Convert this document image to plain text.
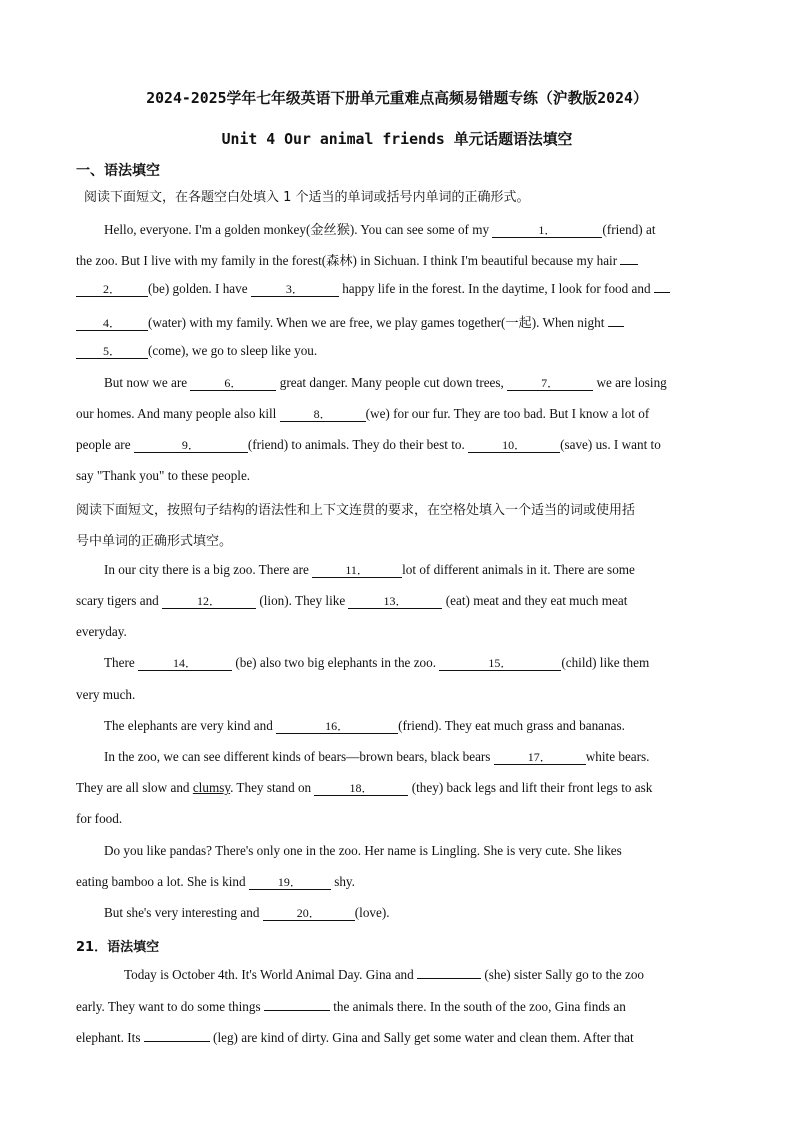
2024-2025学年七年级英语下册单元重难点高频易错题专练（沪教版2024）
Unit 4 Our animal friends 单元话题语法填空
一、语法填空
阅读下面短文，在各题空白处填入 1 个适当的单词或括号内单词的正确形式。
Hello, everyone. I'm a golden monkey(金丝猴). You can see some of my	1．	(friend) at
the zoo. But I live with my family in the forest(森林) in Sichuan. I think I'm beautiful because my hair
2． (be) golden. I have	3．	happy life in the forest. In the daytime, I look for food and
4． (water) with my family. When we are free, we play games together(一起). When night
5． (come), we go to sleep like you.
But now we are	6．	great danger. Many people cut down trees,	7．	we are losing
our homes. And many people also kill	8．	(we) for our fur. They are too bad. But I know a lot of
people are	9．	(friend) to animals. They do their best to.	10．	(save) us. I want to
say "Thank you" to these people.
阅读下面短文，按照句子结构的语法性和上下文连贯的要求，在空格处填入一个适当的词或使用括
号中单词的正确形式填空。
In our city there is a big zoo. There are	11．	lot of different animals in it. There are some
scary tigers and	12．	(lion). They like	13．	(eat) meat and they eat much meat
everyday.
There	14．	(be) also two big elephants in the zoo.	15．	(child) like them
very much.
The elephants are very kind and	16．	(friend). They eat much grass and bananas.
In the zoo, we can see different kinds of bears—brown bears, black bears	17．	white bears.
They are all slow and clumsy. They stand on	18．	(they) back legs and lift their front legs to ask
for food.
Do you like pandas? There's only one in the zoo. Her name is Lingling. She is very cute. She likes
eating bamboo a lot. She is kind 19． shy.
But she's very interesting and	20．	(love).
21．语法填空
Today is October 4th. It's World Animal Day. Gina and	(she) sister Sally go to the zoo
early. They want to do some things	the animals there. In the south of the zoo, Gina finds an
elephant. Its	(leg) are kind of dirty. Gina and Sally get some water and clean them. After that
